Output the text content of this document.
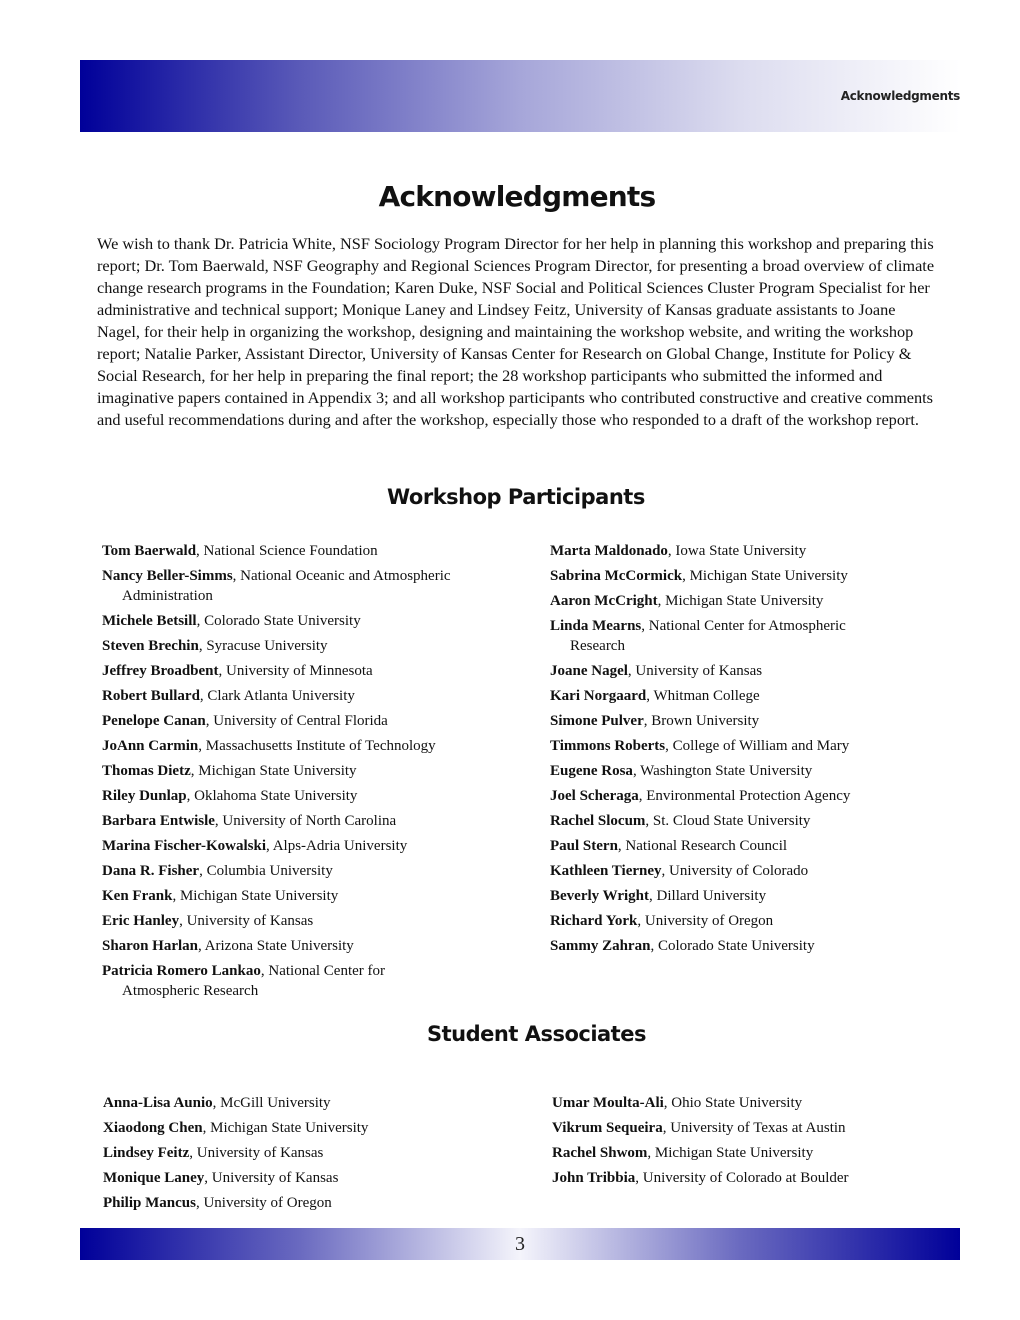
Acknowledgments
Acknowledgments
We wish to thank Dr. Patricia White, NSF Sociology Program Director for her help in planning this workshop and preparing this report; Dr. Tom Baerwald, NSF Geography and Regional Sciences Program Director, for presenting a broad overview of climate change research programs in the Foundation; Karen Duke, NSF Social and Political Sciences Cluster Program Specialist for her administrative and technical support; Monique Laney and Lindsey Feitz, University of Kansas graduate assistants to Joane Nagel, for their help in organizing the workshop, designing and maintaining the workshop website, and writing the workshop report; Natalie Parker, Assistant Director, University of Kansas Center for Research on Global Change, Institute for Policy & Social Research, for her help in preparing the final report; the 28 workshop participants who submitted the informed and imaginative papers contained in Appendix 3; and all workshop participants who contributed constructive and creative comments and useful recommendations during and after the workshop, especially those who responded to a draft of the workshop report.
Workshop Participants
Tom Baerwald, National Science Foundation
Nancy Beller-Simms, National Oceanic and Atmospheric
Administration
Michele Betsill, Colorado State University
Steven Brechin, Syracuse University
Jeffrey Broadbent, University of Minnesota
Robert Bullard, Clark Atlanta University
Penelope Canan, University of Central Florida
JoAnn Carmin, Massachusetts Institute of Technology
Thomas Dietz, Michigan State University
Riley Dunlap, Oklahoma State University
Barbara Entwisle, University of North Carolina
Marina Fischer-Kowalski, Alps-Adria University
Dana R. Fisher, Columbia University
Ken Frank, Michigan State University
Eric Hanley, University of Kansas
Sharon Harlan, Arizona State University
Patricia Romero Lankao, National Center for
Atmospheric Research
Marta Maldonado, Iowa State University
Sabrina McCormick, Michigan State University
Aaron McCright, Michigan State University
Linda Mearns, National Center for Atmospheric
Research
Joane Nagel, University of Kansas
Kari Norgaard, Whitman College
Simone Pulver, Brown University
Timmons Roberts, College of William and Mary
Eugene Rosa, Washington State University
Joel Scheraga, Environmental Protection Agency
Rachel Slocum, St. Cloud State University
Paul Stern, National Research Council
Kathleen Tierney, University of Colorado
Beverly Wright, Dillard University
Richard York, University of Oregon
Sammy Zahran, Colorado State University
Student Associates
Anna-Lisa Aunio, McGill University
Xiaodong Chen, Michigan State University
Lindsey Feitz, University of Kansas
Monique Laney, University of Kansas
Philip Mancus, University of Oregon
Umar Moulta-Ali, Ohio State University
Vikrum Sequeira, University of Texas at Austin
Rachel Shwom, Michigan State University
John Tribbia, University of Colorado at Boulder
3
